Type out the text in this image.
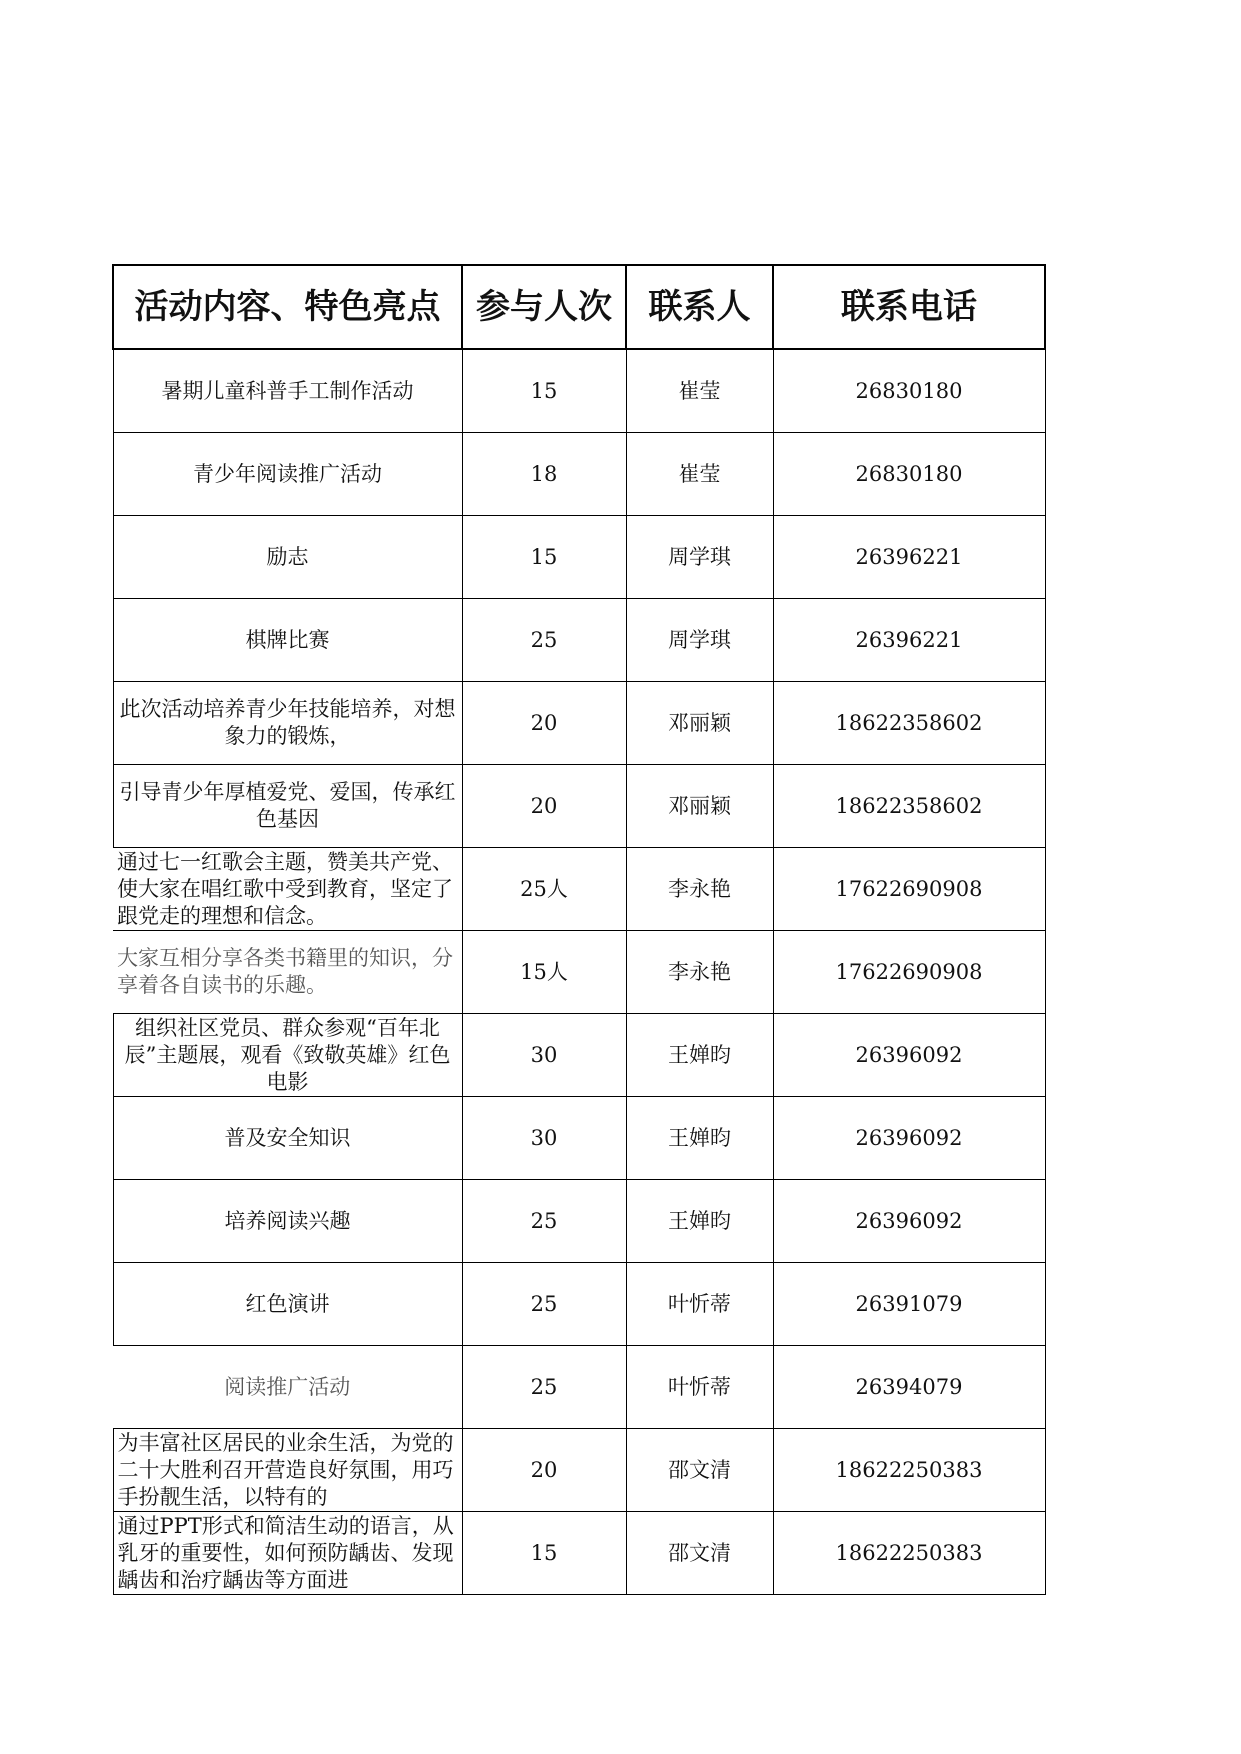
活动内容、特色亮点	参与人次	联系人	联系电话
暑期儿童科普手工制作活动	15	崔莹	26830180
青少年阅读推广活动	18	崔莹	26830180
励志	15	周学琪	26396221
棋牌比赛	25	周学琪	26396221
此次活动培养青少年技能培养，对想象力的锻炼，	20	邓丽颖	18622358602
引导青少年厚植爱党、爱国，传承红色基因	20	邓丽颖	18622358602

通过七一红歌会主题，赞美共产党、使大家在唱红歌中受到教育，坚定了跟党走的理想和信念。	25人	李永艳	17622690908
大家互相分享各类书籍里的知识，分享着各自读书的乐趣。	15人	李永艳	17622690908

组织社区党员、群众参观“百年北辰”主题展，观看《致敬英雄》红色电影	30	王婵昀	26396092
普及安全知识	30	王婵昀	26396092
培养阅读兴趣	25	王婵昀	26396092
红色演讲	25	叶忻蒂	26391079
阅读推广活动	25	叶忻蒂	26394079

为丰富社区居民的业余生活，为党的二十大胜利召开营造良好氛围，用巧手扮靓生活，以特有的	20	邵文清	18622250383

通过PPT形式和简洁生动的语言，从乳牙的重要性，如何预防龋齿、发现龋齿和治疗龋齿等方面进	15	邵文清	18622250383
